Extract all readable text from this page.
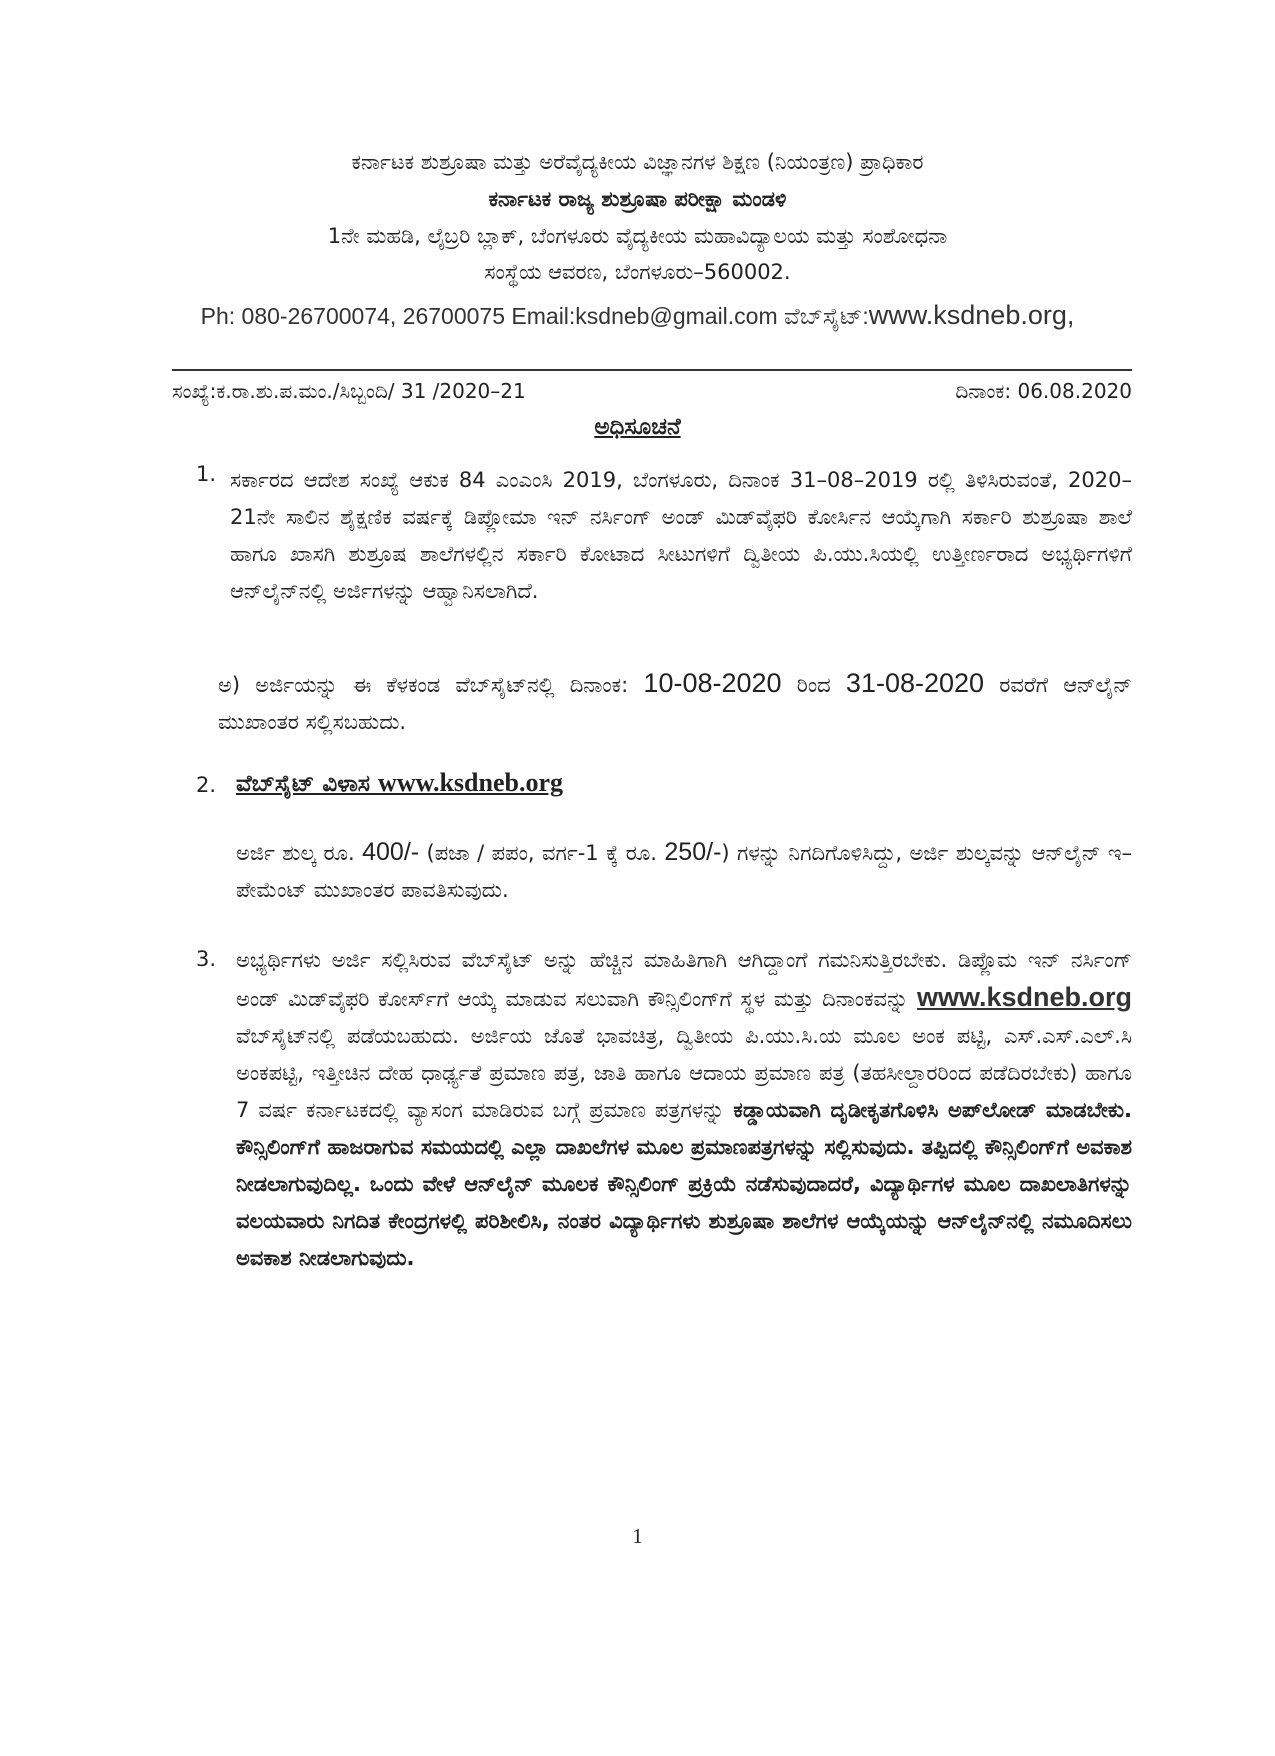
ಕರ್ನಾಟಕ ಶುಶ್ರೂಷಾ ಮತ್ತು ಅರೆವೈದ್ಯಕೀಯ ವಿಜ್ಞಾನಗಳ ಶಿಕ್ಷಣ (ನಿಯಂತ್ರಣ) ಪ್ರಾಧಿಕಾರ
ಕರ್ನಾಟಕ ರಾಜ್ಯ ಶುಶ್ರೂಷಾ ಪರೀಕ್ಷಾ ಮಂಡಳಿ
1ನೇ ಮಹಡಿ, ಲೈಬ್ರರಿ ಬ್ಲಾಕ್, ಬೆಂಗಳೂರು ವೈದ್ಯಕೀಯ ಮಹಾವಿದ್ಯಾಲಯ ಮತ್ತು ಸಂಶೋಧನಾ
ಸಂಸ್ಥೆಯ ಆವರಣ, ಬೆಂಗಳೂರು–560002.
Ph: 080-26700074, 26700075 Email:ksdneb@gmail.com ವೆಬ್‌ಸೈಟ್:www.ksdneb.org,
ಸಂಖ್ಯೆ:ಕ.ರಾ.ಶು.ಪ.ಮಂ./ಸಿಬ್ಬಂದಿ/ 31 /2020–21	ದಿನಾಂಕ: 06.08.2020
ಅಧಿಸೂಚನೆ
1. ಸರ್ಕಾರದ ಆದೇಶ ಸಂಖ್ಯೆ ಆಕುಕ 84 ಎಂಎಂಸಿ 2019, ಬೆಂಗಳೂರು, ದಿನಾಂಕ 31–08–2019 ರಲ್ಲಿ ತಿಳಿಸಿರುವಂತೆ, 2020–21ನೇ ಸಾಲಿನ ಶೈಕ್ಷಣಿಕ ವರ್ಷಕ್ಕೆ ಡಿಪ್ಲೋಮಾ ಇನ್ ನರ್ಸಿಂಗ್ ಅಂಡ್ ಮಿಡ್‌ವೈಫರಿ ಕೋರ್ಸಿನ ಆಯ್ಕೆಗಾಗಿ ಸರ್ಕಾರಿ ಶುಶ್ರೂಷಾ ಶಾಲೆ ಹಾಗೂ ಖಾಸಗಿ ಶುಶ್ರೂಷ ಶಾಲೆಗಳಲ್ಲಿನ ಸರ್ಕಾರಿ ಕೋಟಾದ ಸೀಟುಗಳಿಗೆ ದ್ವಿತೀಯ ಪಿ.ಯು.ಸಿಯಲ್ಲಿ ಉತ್ತೀರ್ಣರಾದ ಅಭ್ಯರ್ಥಿಗಳಿಗೆ ಆನ್‌ಲೈನ್‌ನಲ್ಲಿ ಅರ್ಜಿಗಳನ್ನು ಆಹ್ವಾನಿಸಲಾಗಿದೆ.
ಅ) ಅರ್ಜಿಯನ್ನು ಈ ಕೆಳಕಂಡ ವೆಬ್‌ಸೈಟ್‌ನಲ್ಲಿ ದಿನಾಂಕ: 10-08-2020 ರಿಂದ 31-08-2020 ರವರೆಗೆ ಆನ್‌ಲೈನ್ ಮುಖಾಂತರ ಸಲ್ಲಿಸಬಹುದು.
2. ವೆಬ್‌ಸೈಟ್ ವಿಳಾಸ www.ksdneb.org
ಅರ್ಜಿ ಶುಲ್ಕ ರೂ. 400/- (ಪಜಾ / ಪಪಂ, ವರ್ಗ-1 ಕ್ಕೆ ರೂ. 250/-) ಗಳನ್ನು ನಿಗದಿಗೊಳಿಸಿದ್ದು, ಅರ್ಜಿ ಶುಲ್ಕವನ್ನು ಆನ್‌ಲೈನ್ ಇ–ಪೇಮೆಂಟ್ ಮುಖಾಂತರ ಪಾವತಿಸುವುದು.
3. ಅಭ್ಯರ್ಥಿಗಳು ಅರ್ಜಿ ಸಲ್ಲಿಸಿರುವ ವೆಬ್‌ಸೈಟ್ ಅನ್ನು ಹೆಚ್ಚಿನ ಮಾಹಿತಿಗಾಗಿ ಆಗಿದ್ದಾಂಗೆ ಗಮನಿಸುತ್ತಿರಬೇಕು. ಡಿಪ್ಲೊಮ ಇನ್ ನರ್ಸಿಂಗ್ ಅಂಡ್ ಮಿಡ್‌ವೈಫರಿ ಕೋರ್ಸ್‌ಗೆ ಆಯ್ಕೆ ಮಾಡುವ ಸಲುವಾಗಿ ಕೌನ್ಸಿಲಿಂಗ್‌ಗೆ ಸ್ಥಳ ಮತ್ತು ದಿನಾಂಕವನ್ನು www.ksdneb.org ವೆಬ್‌ಸೈಟ್‌ನಲ್ಲಿ ಪಡೆಯಬಹುದು. ಅರ್ಜಿಯ ಜೊತೆ ಭಾವಚಿತ್ರ, ದ್ವಿತೀಯ ಪಿ.ಯು.ಸಿ.ಯ ಮೂಲ ಅಂಕ ಪಟ್ಟಿ, ಎಸ್.ಎಸ್.ಎಲ್.ಸಿ ಅಂಕಪಟ್ಟಿ, ಇತ್ತೀಚಿನ ದೇಹ ಧಾರ್ಢ್ಯತೆ ಪ್ರಮಾಣ ಪತ್ರ, ಜಾತಿ ಹಾಗೂ ಆದಾಯ ಪ್ರಮಾಣ ಪತ್ರ (ತಹಸೀಲ್ದಾರರಿಂದ ಪಡೆದಿರಬೇಕು) ಹಾಗೂ 7 ವರ್ಷ ಕರ್ನಾಟಕದಲ್ಲಿ ವ್ಯಾಸಂಗ ಮಾಡಿರುವ ಬಗ್ಗೆ ಪ್ರಮಾಣ ಪತ್ರಗಳನ್ನು ಕಡ್ಡಾಯವಾಗಿ ದೃಡೀಕೃತಗೊಳಿಸಿ ಅಪ್‌ಲೋಡ್ ಮಾಡಬೇಕು. ಕೌನ್ಸಿಲಿಂಗ್‌ಗೆ ಹಾಜರಾಗುವ ಸಮಯದಲ್ಲಿ ಎಲ್ಲಾ ದಾಖಲೆಗಳ ಮೂಲ ಪ್ರಮಾಣಪತ್ರಗಳನ್ನು ಸಲ್ಲಿಸುವುದು. ತಪ್ಪಿದಲ್ಲಿ ಕೌನ್ಸಿಲಿಂಗ್‌ಗೆ ಅವಕಾಶ ನೀಡಲಾಗುವುದಿಲ್ಲ. ಒಂದು ವೇಳೆ ಆನ್‌ಲೈನ್ ಮೂಲಕ ಕೌನ್ಸಿಲಿಂಗ್ ಪ್ರಕ್ರಿಯೆ ನಡೆಸುವುದಾದರೆ, ವಿದ್ಯಾರ್ಥಿಗಳ ಮೂಲ ದಾಖಲಾತಿಗಳನ್ನು ವಲಯವಾರು ನಿಗದಿತ ಕೇಂದ್ರಗಳಲ್ಲಿ ಪರಿಶೀಲಿಸಿ, ನಂತರ ವಿದ್ಯಾರ್ಥಿಗಳು ಶುಶ್ರೂಷಾ ಶಾಲೆಗಳ ಆಯ್ಕೆಯನ್ನು ಆನ್‌ಲೈನ್‌ನಲ್ಲಿ ನಮೂದಿಸಲು ಅವಕಾಶ ನೀಡಲಾಗುವುದು.
1
